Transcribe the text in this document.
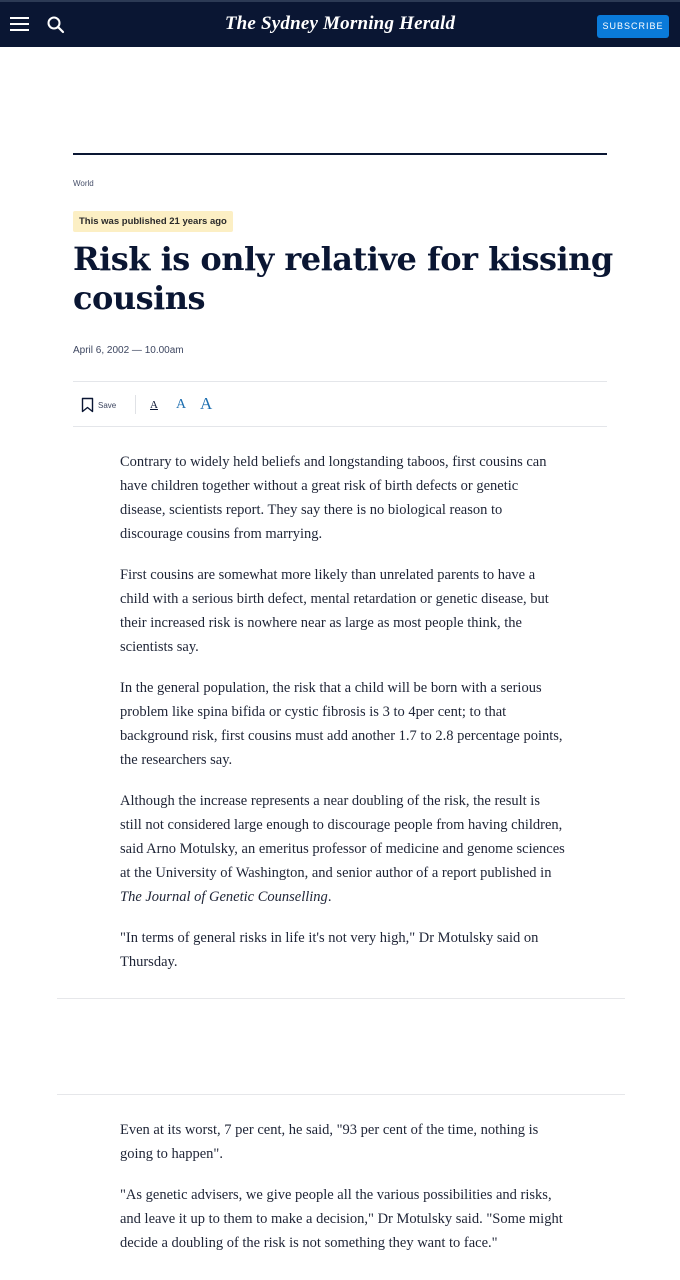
The Sydney Morning Herald	SUBSCRIBE
World
This was published 21 years ago
Risk is only relative for kissing cousins
April 6, 2002 — 10.00am
Save	A A A

Contrary to widely held beliefs and longstanding taboos, first cousins can have children together without a great risk of birth defects or genetic disease, scientists report. They say there is no biological reason to discourage cousins from marrying.

First cousins are somewhat more likely than unrelated parents to have a child with a serious birth defect, mental retardation or genetic disease, but their increased risk is nowhere near as large as most people think, the scientists say.

In the general population, the risk that a child will be born with a serious problem like spina bifida or cystic fibrosis is 3 to 4per cent; to that background risk, first cousins must add another 1.7 to 2.8 percentage points, the researchers say.

Although the increase represents a near doubling of the risk, the result is still not considered large enough to discourage people from having children, said Arno Motulsky, an emeritus professor of medicine and genome sciences at the University of Washington, and senior author of a report published in The Journal of Genetic Counselling.

"In terms of general risks in life it's not very high," Dr Motulsky said on Thursday.

Even at its worst, 7 per cent, he said, "93 per cent of the time, nothing is going to happen".

"As genetic advisers, we give people all the various possibilities and risks, and leave it up to them to make a decision," Dr Motulsky said. "Some might decide a doubling of the risk is not something they want to face."
